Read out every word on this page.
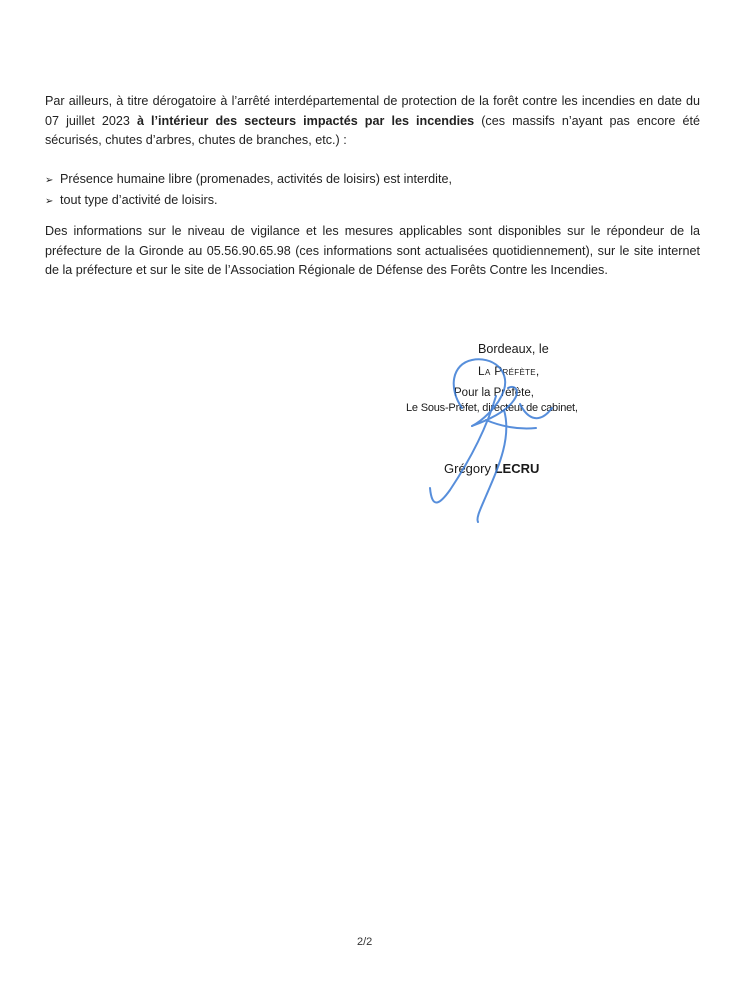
Par ailleurs, à titre dérogatoire à l’arrêté interdépartemental de protection de la forêt contre les incendies en date du 07 juillet 2023 à l’intérieur des secteurs impactés par les incendies (ces massifs n’ayant pas encore été sécurisés, chutes d’arbres, chutes de branches, etc.) :

➢ Présence humaine libre (promenades, activités de loisirs) est interdite,
➢ tout type d’activité de loisirs.

Des informations sur le niveau de vigilance et les mesures applicables sont disponibles sur le répondeur de la préfecture de la Gironde au 05.56.90.65.98 (ces informations sont actualisées quotidiennement), sur le site internet de la préfecture et sur le site de l’Association Régionale de Défense des Forêts Contre les Incendies.

Bordeaux, le
La Préfète,
Pour la Préfète,
Le Sous-Préfet, directeur de cabinet,
Grégory LECRU
2/2
